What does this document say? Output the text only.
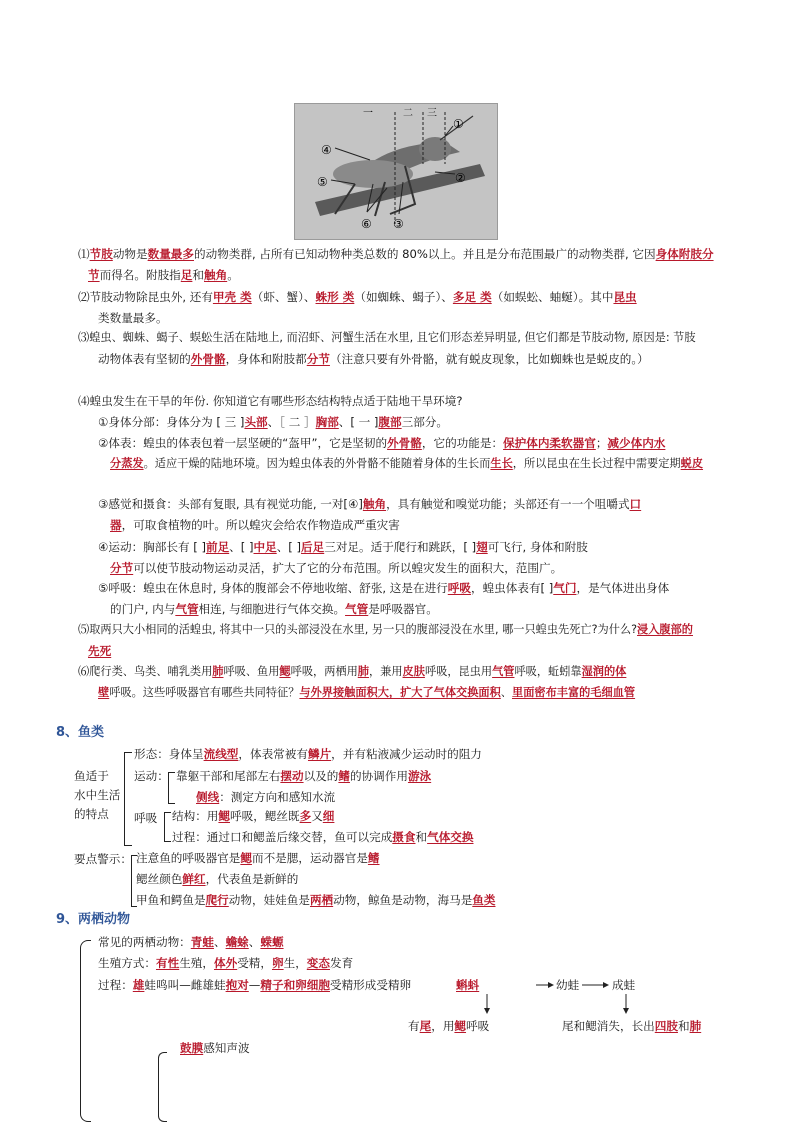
一	二 三
①
②
③
④
⑤
⑥
⑴节肢动物是数量最多的动物类群, 占所有已知动物种类总数的 80%以上。并且是分布范围最广的动物类群, 它因身体附肢分
节而得名。附肢指足和触角。
⑵节肢动物除昆虫外, 还有甲壳 类（虾、蟹）、蛛形 类（如蜘蛛、蝎子）、多足 类（如蜈蚣、蚰蜒）。其中昆虫
类数量最多。
⑶蝗虫、蜘蛛、蝎子、蜈蚣生活在陆地上, 而沼虾、河蟹生活在水里, 且它们形态差异明显, 但它们都是节肢动物, 原因是: 节肢
动物体表有坚韧的外骨骼，身体和附肢都分节（注意只要有外骨骼，就有蜕皮现象，比如蜘蛛也是蜕皮的。）
⑷蝗虫发生在干旱的年份. 你知道它有哪些形态结构特点适于陆地干旱环境?
①身体分部：身体分为 [ 三 ]头部、［ 二 ］胸部、[ 一 ]腹部三部分。
②体表：蝗虫的体表包着一层坚硬的“盔甲”，它是坚韧的外骨骼，它的功能是：保护体内柔软器官；减少体内水
分蒸发。适应干燥的陆地环境。因为蝗虫体表的外骨骼不能随着身体的生长而生长，所以昆虫在生长过程中需要定期蜕皮
③感觉和摄食：头部有复眼, 具有视觉功能, 一对[④]触角，具有触觉和嗅觉功能；头部还有一一个咀嚼式口
器，可取食植物的叶。所以蝗灾会给农作物造成严重灾害
④运动：胸部长有 [ ]前足、[ ]中足、[ ]后足三对足。适于爬行和跳跃，[ ]翅可飞行, 身体和附肢
分节可以使节肢动物运动灵活，扩大了它的分布范围。所以蝗灾发生的面积大，范围广。
⑤呼吸：蝗虫在休息时, 身体的腹部会不停地收缩、舒张, 这是在进行呼吸，蝗虫体表有[ ]气门，是气体进出身体
的门户, 内与气管相连, 与细胞进行气体交换。气管是呼吸器官。
⑸取两只大小相同的活蝗虫, 将其中一只的头部浸没在水里, 另一只的腹部浸没在水里, 哪一只蝗虫先死亡?为什么?浸入腹部的
先死
⑹爬行类、鸟类、哺乳类用肺呼吸、鱼用鳃呼吸，两栖用肺，兼用皮肤呼吸，昆虫用气管呼吸，蚯蚓靠湿润的体
壁呼吸。这些呼吸器官有哪些共同特征？与外界接触面积大，扩大了气体交换面积、里面密布丰富的毛细血管
8、鱼类
鱼适于
水中生活
的特点
形态：身体呈流线型，体表常被有鳞片，并有粘液减少运动时的阻力
运动： 靠躯干部和尾部左右摆动以及的鳍的协调作用游泳
侧线：测定方向和感知水流
呼吸 结构：用鳃呼吸，鳃丝既多又细
过程：通过口和鳃盖后缘交替，鱼可以完成摄食和气体交换
要点警示： 注意鱼的呼吸器官是鳃而不是腮，运动器官是鳍
鳃丝颜色鲜红，代表鱼是新鲜的
甲鱼和鳄鱼是爬行动物，娃娃鱼是两栖动物，鲸鱼是动物，海马是鱼类
9、两栖动物
常见的两栖动物：青蛙、蟾蜍、蝾螈
生殖方式：有性生殖，体外受精，卵生，变态发育
过程：雄蛙鸣叫—雌雄蛙抱对—精子和卵细胞受精形成受精卵	蝌蚪	幼蛙	成蛙
有尾，用鳃呼吸	尾和鳃消失，长出四肢和肺
鼓膜感知声波
